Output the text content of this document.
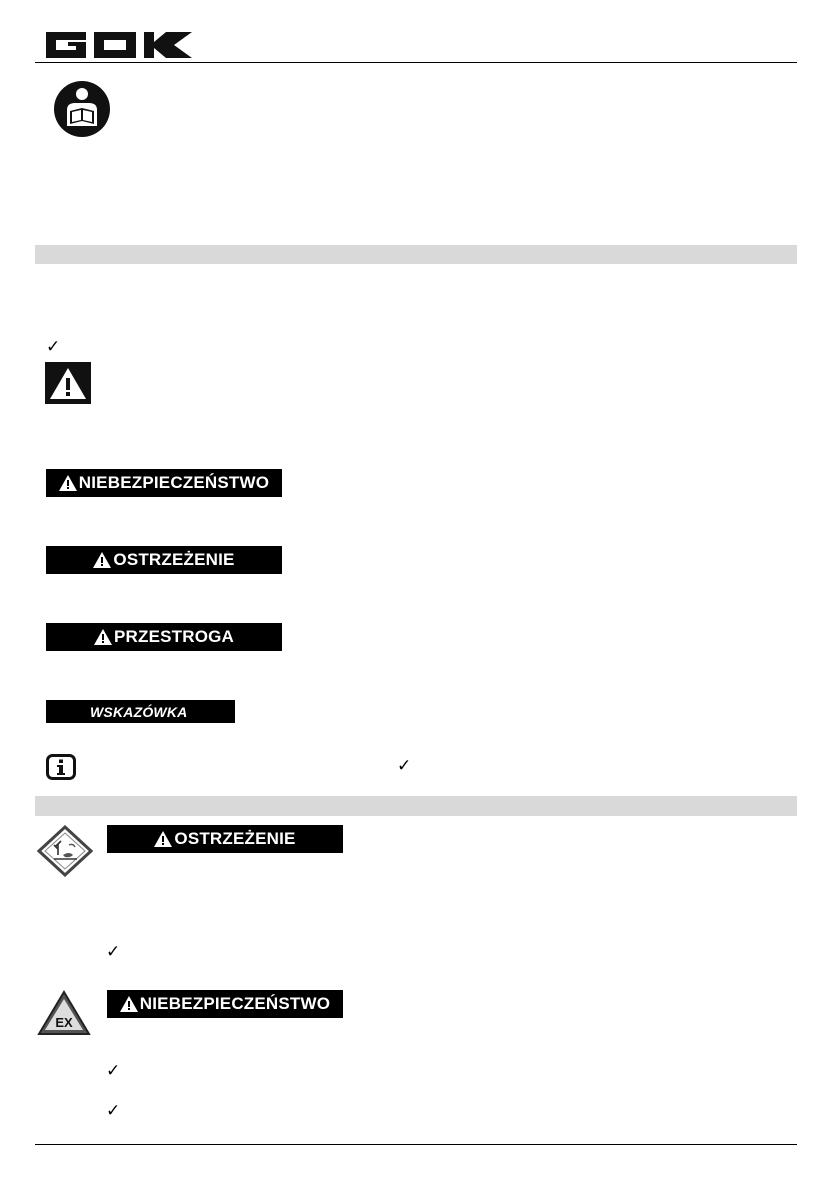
✓
NIEBEZPIECZEŃSTWO
OSTRZEŻENIE
PRZESTROGA
WSKAZÓWKA
✓
OSTRZEŻENIE
✓
EX
NIEBEZPIECZEŃSTWO
✓
✓
